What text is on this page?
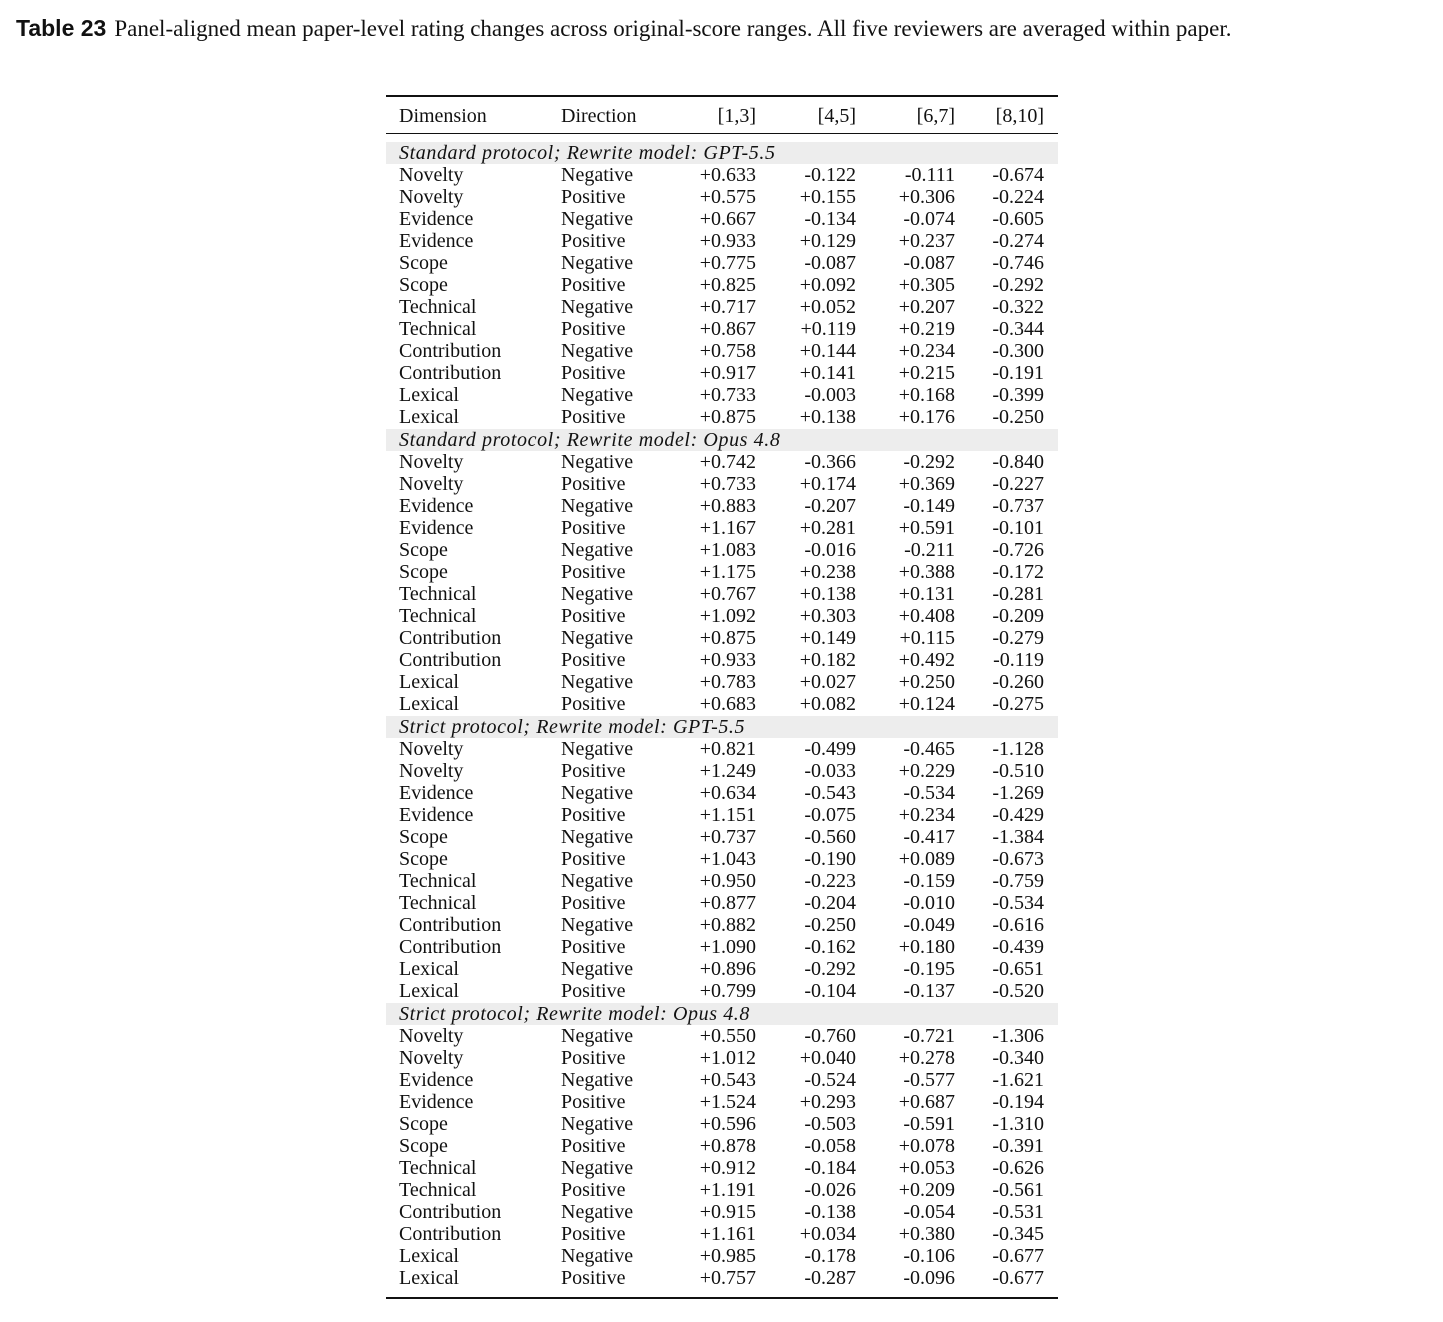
Table 23 Panel-aligned mean paper-level rating changes across original-score ranges. All five reviewers are averaged within paper.
Dimension	Direction	[1,3]	[4,5]	[6,7]	[8,10]
Standard protocol; Rewrite model: GPT-5.5
Novelty	Negative	+0.633	-0.122	-0.111	-0.674
Novelty	Positive	+0.575	+0.155	+0.306	-0.224
Evidence	Negative	+0.667	-0.134	-0.074	-0.605
Evidence	Positive	+0.933	+0.129	+0.237	-0.274
Scope	Negative	+0.775	-0.087	-0.087	-0.746
Scope	Positive	+0.825	+0.092	+0.305	-0.292
Technical	Negative	+0.717	+0.052	+0.207	-0.322
Technical	Positive	+0.867	+0.119	+0.219	-0.344
Contribution	Negative	+0.758	+0.144	+0.234	-0.300
Contribution	Positive	+0.917	+0.141	+0.215	-0.191
Lexical	Negative	+0.733	-0.003	+0.168	-0.399
Lexical	Positive	+0.875	+0.138	+0.176	-0.250
Standard protocol; Rewrite model: Opus 4.8
Novelty	Negative	+0.742	-0.366	-0.292	-0.840
Novelty	Positive	+0.733	+0.174	+0.369	-0.227
Evidence	Negative	+0.883	-0.207	-0.149	-0.737
Evidence	Positive	+1.167	+0.281	+0.591	-0.101
Scope	Negative	+1.083	-0.016	-0.211	-0.726
Scope	Positive	+1.175	+0.238	+0.388	-0.172
Technical	Negative	+0.767	+0.138	+0.131	-0.281
Technical	Positive	+1.092	+0.303	+0.408	-0.209
Contribution	Negative	+0.875	+0.149	+0.115	-0.279
Contribution	Positive	+0.933	+0.182	+0.492	-0.119
Lexical	Negative	+0.783	+0.027	+0.250	-0.260
Lexical	Positive	+0.683	+0.082	+0.124	-0.275
Strict protocol; Rewrite model: GPT-5.5
Novelty	Negative	+0.821	-0.499	-0.465	-1.128
Novelty	Positive	+1.249	-0.033	+0.229	-0.510
Evidence	Negative	+0.634	-0.543	-0.534	-1.269
Evidence	Positive	+1.151	-0.075	+0.234	-0.429
Scope	Negative	+0.737	-0.560	-0.417	-1.384
Scope	Positive	+1.043	-0.190	+0.089	-0.673
Technical	Negative	+0.950	-0.223	-0.159	-0.759
Technical	Positive	+0.877	-0.204	-0.010	-0.534
Contribution	Negative	+0.882	-0.250	-0.049	-0.616
Contribution	Positive	+1.090	-0.162	+0.180	-0.439
Lexical	Negative	+0.896	-0.292	-0.195	-0.651
Lexical	Positive	+0.799	-0.104	-0.137	-0.520
Strict protocol; Rewrite model: Opus 4.8
Novelty	Negative	+0.550	-0.760	-0.721	-1.306
Novelty	Positive	+1.012	+0.040	+0.278	-0.340
Evidence	Negative	+0.543	-0.524	-0.577	-1.621
Evidence	Positive	+1.524	+0.293	+0.687	-0.194
Scope	Negative	+0.596	-0.503	-0.591	-1.310
Scope	Positive	+0.878	-0.058	+0.078	-0.391
Technical	Negative	+0.912	-0.184	+0.053	-0.626
Technical	Positive	+1.191	-0.026	+0.209	-0.561
Contribution	Negative	+0.915	-0.138	-0.054	-0.531
Contribution	Positive	+1.161	+0.034	+0.380	-0.345
Lexical	Negative	+0.985	-0.178	-0.106	-0.677
Lexical	Positive	+0.757	-0.287	-0.096	-0.677
